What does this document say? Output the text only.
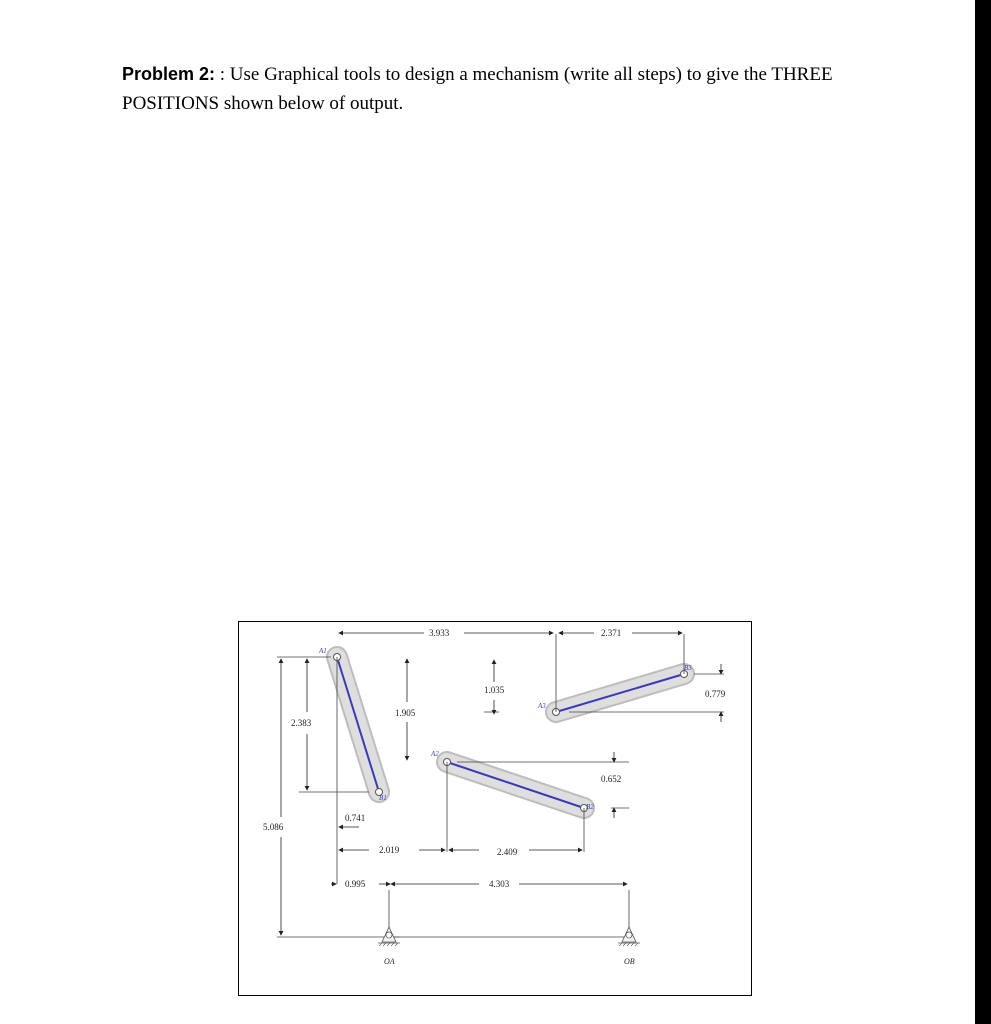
Problem 2: : Use Graphical tools to design a mechanism (write all steps) to give the THREE POSITIONS shown below of output.
A1
B1
A2
B2
A3
B3
3.933	2.371
1.035	0.779
1.905
2.383
0.652
0.741
5.086
2.019	2.409
0.995	4.303
OA	OB
